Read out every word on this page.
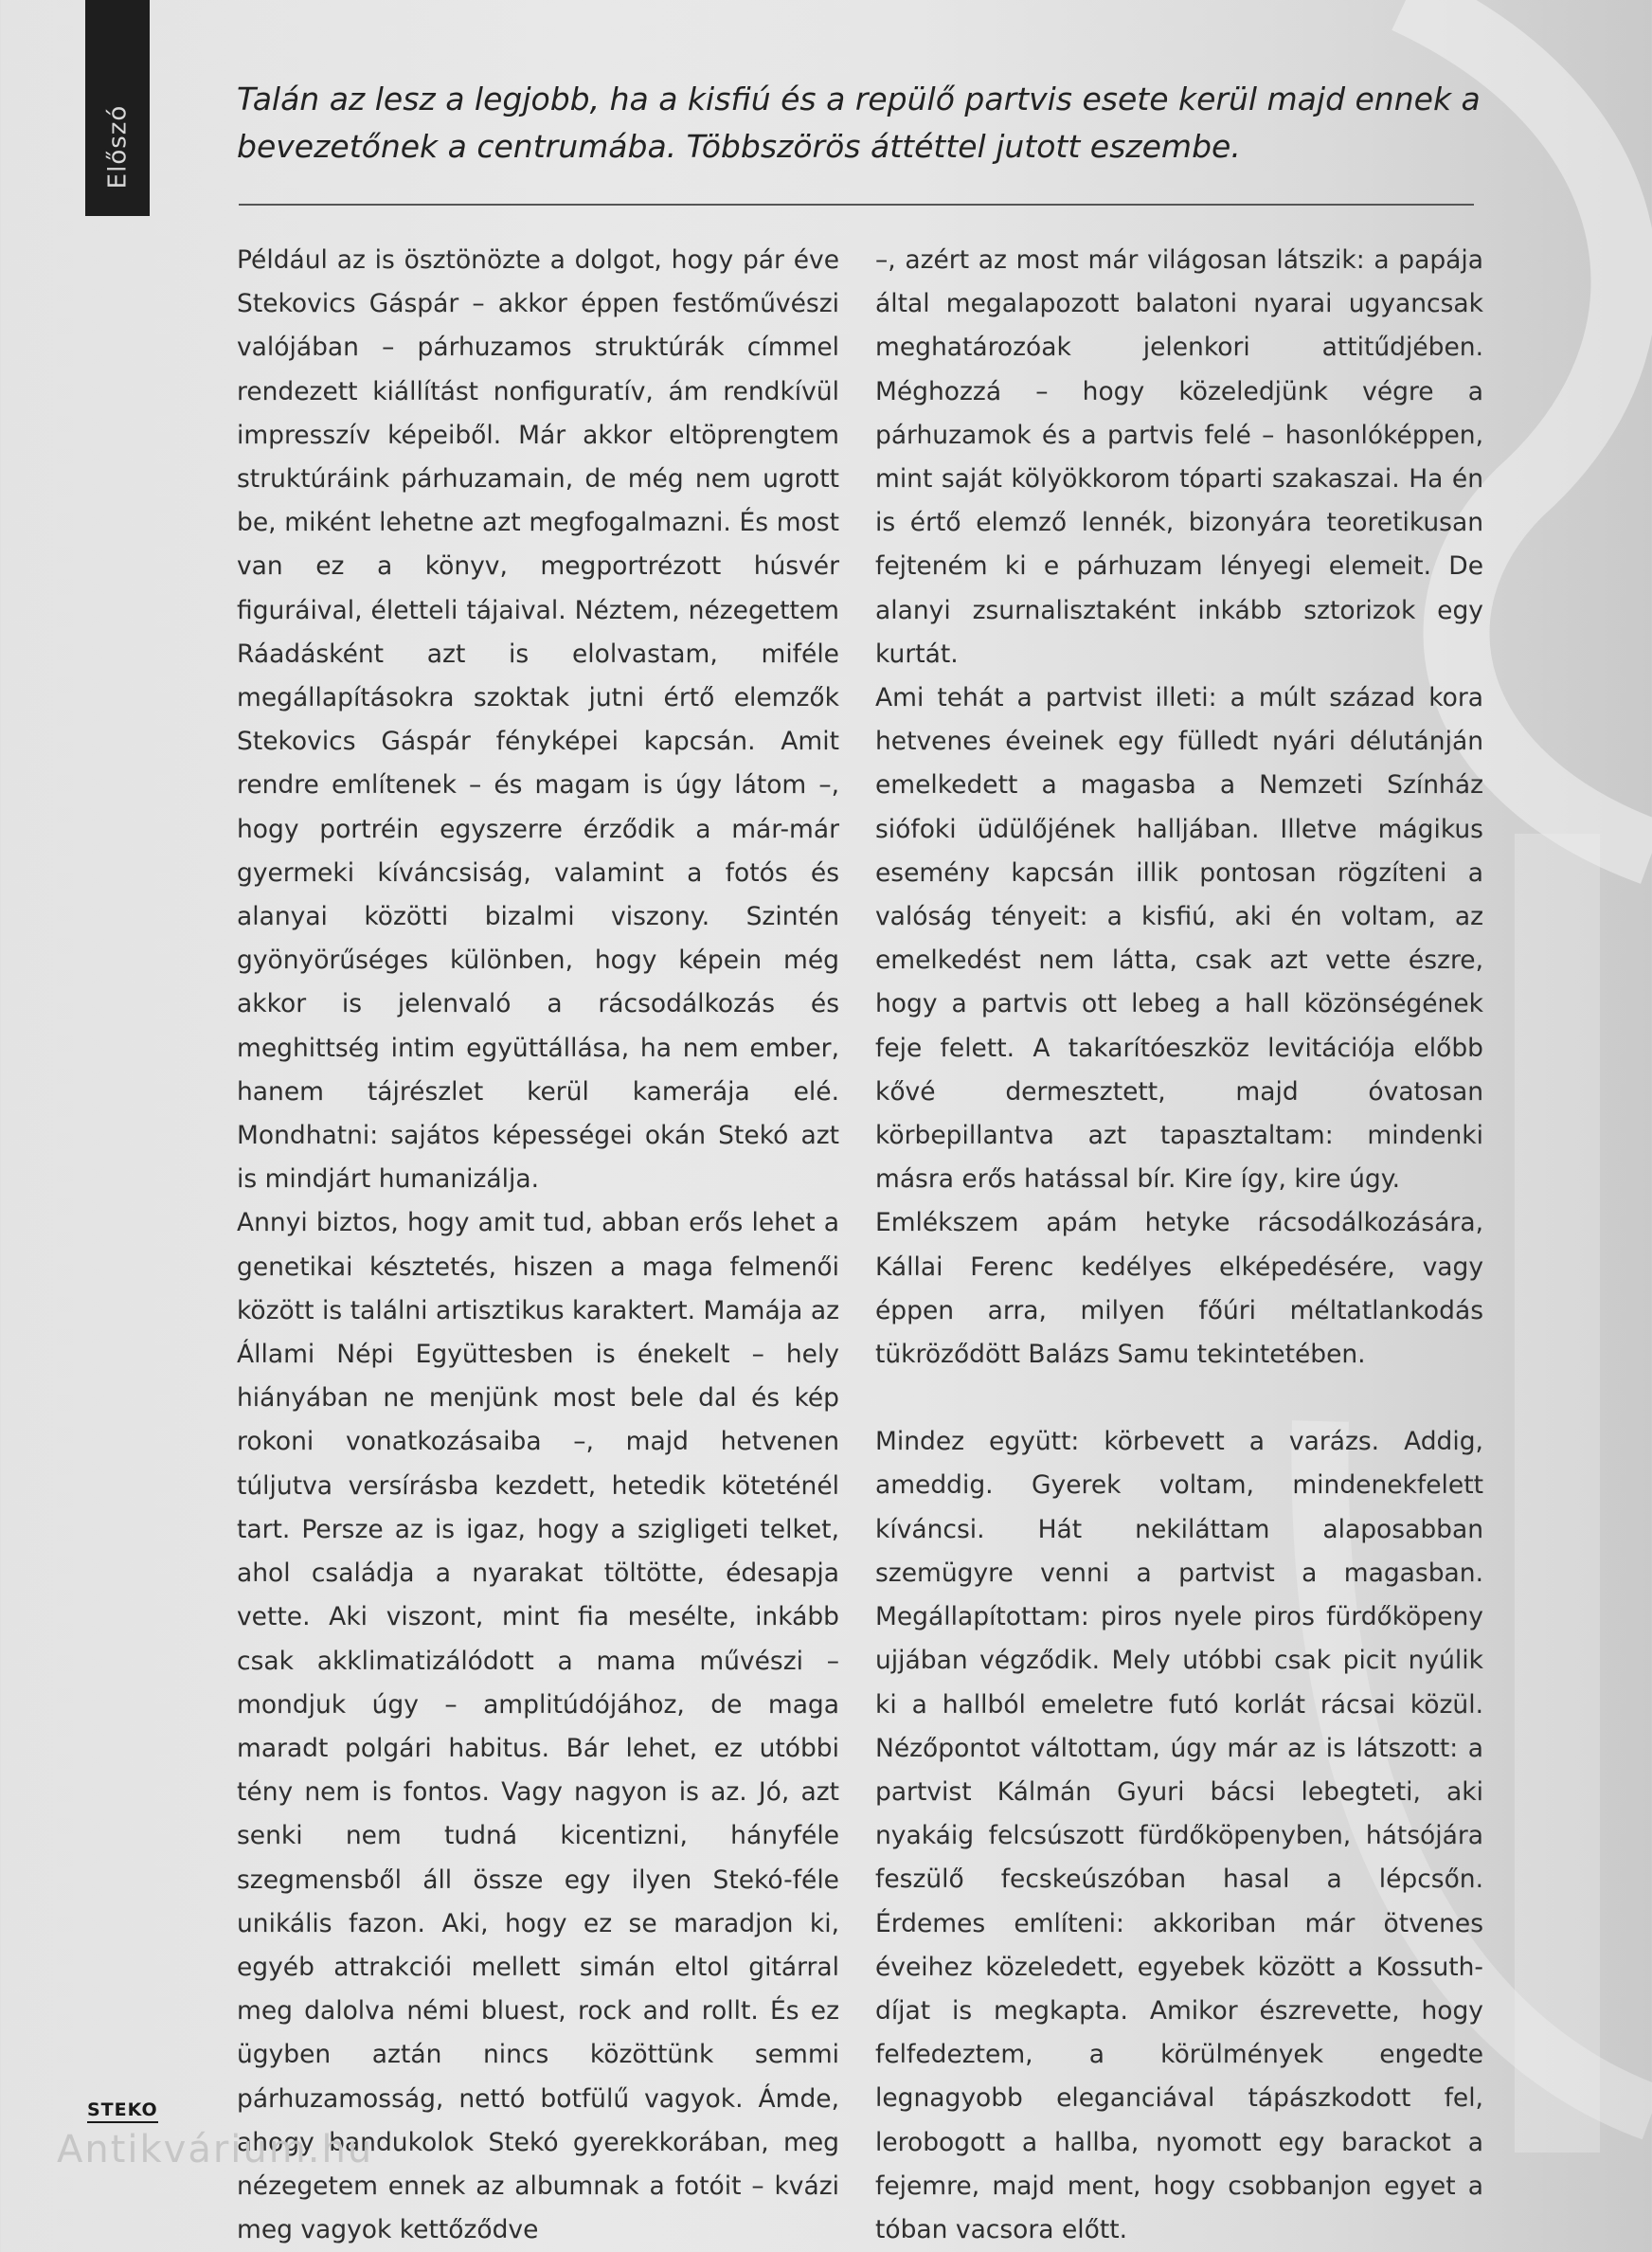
Előszó

Talán az lesz a legjobb, ha a kisfiú és a repülő partvis esete kerül majd ennek a bevezetőnek a centrumába. Többszörös áttéttel jutott eszembe.

Például az is ösztönözte a dolgot, hogy pár éve Stekovics Gáspár – akkor éppen festőművészi valójában – párhuzamos struktúrák címmel rendezett kiállítást nonfiguratív, ám rendkívül impresszív képeiből. Már akkor eltöprengtem struktúráink párhuzamain, de még nem ugrott be, miként lehetne azt megfogalmazni. És most van ez a könyv, megportrézott húsvér figuráival, életteli tájaival. Néztem, nézegettem Ráadásként azt is elolvastam, miféle megállapításokra szoktak jutni értő elemzők Stekovics Gáspár fényképei kapcsán. Amit rendre említenek – és magam is úgy látom –, hogy portréin egyszerre érződik a már-már gyermeki kíváncsiság, valamint a fotós és alanyai közötti bizalmi viszony. Szintén gyönyörűséges különben, hogy képein még akkor is jelenvaló a rácsodálkozás és meghittség intim együttállása, ha nem ember, hanem tájrészlet kerül kamerája elé. Mondhatni: sajátos képességei okán Stekó azt is mindjárt humanizálja.

Annyi biztos, hogy amit tud, abban erős lehet a genetikai késztetés, hiszen a maga felmenői között is találni artisztikus karaktert. Mamája az Állami Népi Együttesben is énekelt – hely hiányában ne menjünk most bele dal és kép rokoni vonatkozásaiba –, majd hetvenen túljutva versírásba kezdett, hetedik köteténél tart. Persze az is igaz, hogy a szigligeti telket, ahol családja a nyarakat töltötte, édesapja vette. Aki viszont, mint fia mesélte, inkább csak akklimatizálódott a mama művészi – mondjuk úgy – amplitúdójához, de maga maradt polgári habitus. Bár lehet, ez utóbbi tény nem is fontos. Vagy nagyon is az. Jó, azt senki nem tudná kicentizni, hányféle szegmensből áll össze egy ilyen Stekó-féle unikális fazon. Aki, hogy ez se maradjon ki, egyéb attrakciói mellett simán eltol gitárral meg dalolva némi bluest, rock and rollt. És ez ügyben aztán nincs közöttünk semmi párhuzamosság, nettó botfülű vagyok. Ámde, ahogy bandukolok Stekó gyerekkorában, meg nézegetem ennek az albumnak a fotóit – kvázi meg vagyok kettőződve

–, azért az most már világosan látszik: a papája által megalapozott balatoni nyarai ugyancsak meghatározóak jelenkori attitűdjében. Méghozzá – hogy közeledjünk végre a párhuzamok és a partvis felé – hasonlóképpen, mint saját kölyökkorom tóparti szakaszai. Ha én is értő elemző lennék, bizonyára teoretikusan fejteném ki e párhuzam lényegi elemeit. De alanyi zsurnalisztaként inkább sztorizok egy kurtát.

Ami tehát a partvist illeti: a múlt század kora hetvenes éveinek egy fülledt nyári délutánján emelkedett a magasba a Nemzeti Színház siófoki üdülőjének halljában. Illetve mágikus esemény kapcsán illik pontosan rögzíteni a valóság tényeit: a kisfiú, aki én voltam, az emelkedést nem látta, csak azt vette észre, hogy a partvis ott lebeg a hall közönségének feje felett. A takarítóeszköz levitációja előbb kővé dermesztett, majd óvatosan körbepillantva azt tapasztaltam: mindenki másra erős hatással bír. Kire így, kire úgy.

Emlékszem apám hetyke rácsodálkozására, Kállai Ferenc kedélyes elképedésére, vagy éppen arra, milyen főúri méltatlankodás tükröződött Balázs Samu tekintetében.

Mindez együtt: körbevett a varázs. Addig, ameddig. Gyerek voltam, mindenekfelett kíváncsi. Hát nekiláttam alaposabban szemügyre venni a partvist a magasban. Megállapítottam: piros nyele piros fürdőköpeny ujjában végződik. Mely utóbbi csak picit nyúlik ki a hallból emeletre futó korlát rácsai közül. Nézőpontot váltottam, úgy már az is látszott: a partvist Kálmán Gyuri bácsi lebegteti, aki nyakáig felcsúszott fürdőköpenyben, hátsójára feszülő fecskeúszóban hasal a lépcsőn. Érdemes említeni: akkoriban már ötvenes éveihez közeledett, egyebek között a Kossuth-díjat is megkapta. Amikor észrevette, hogy felfedeztem, a körülmények engedte legnagyobb eleganciával tápászkodott fel, lerobogott a hallba, nyomott egy barackot a fejemre, majd ment, hogy csobbanjon egyet a tóban vacsora előtt.

STEKO
Antikvárium.hu
